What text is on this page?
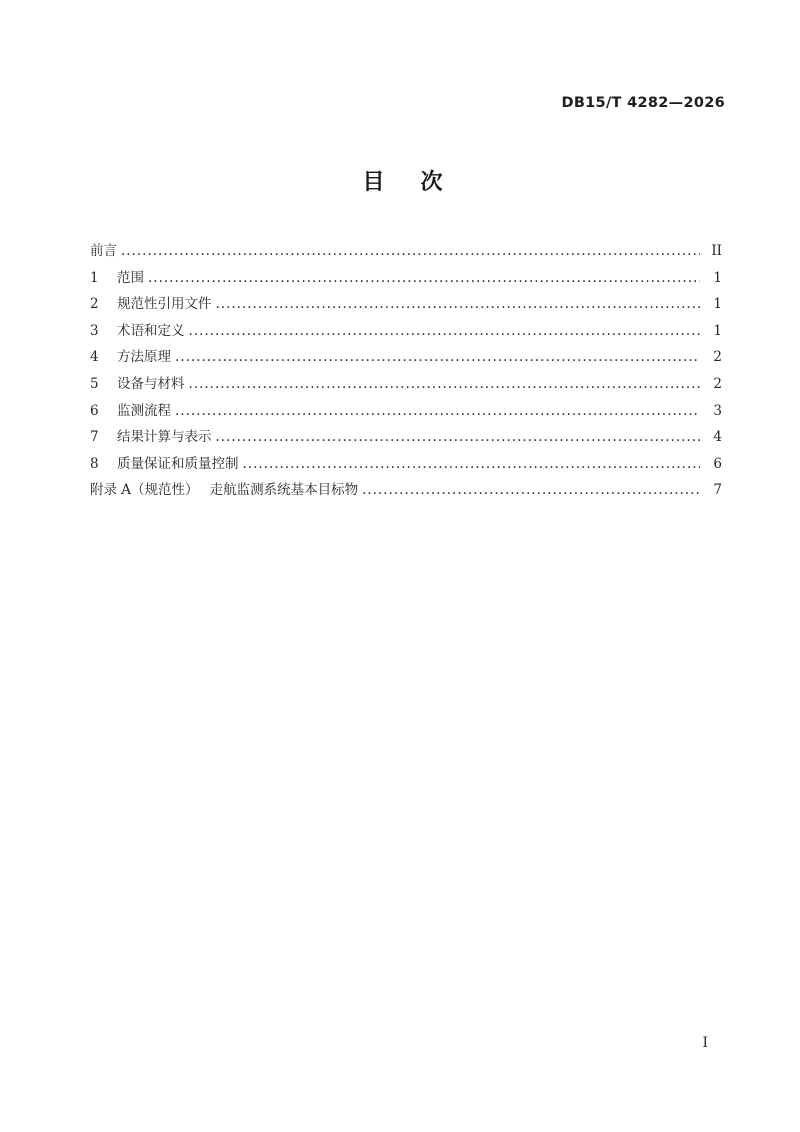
DB15/T 4282—2026
目　次
前言 .....	II
1 范围 .....	1
2 规范性引用文件 .....	1
3 术语和定义 .....	1
4 方法原理 .....	2
5 设备与材料 .....	2
6 监测流程 .....	3
7 结果计算与表示 .....	4
8 质量保证和质量控制 .....	6
附录 A（规范性）　 走航监测系统基本目标物 .....	7
I
